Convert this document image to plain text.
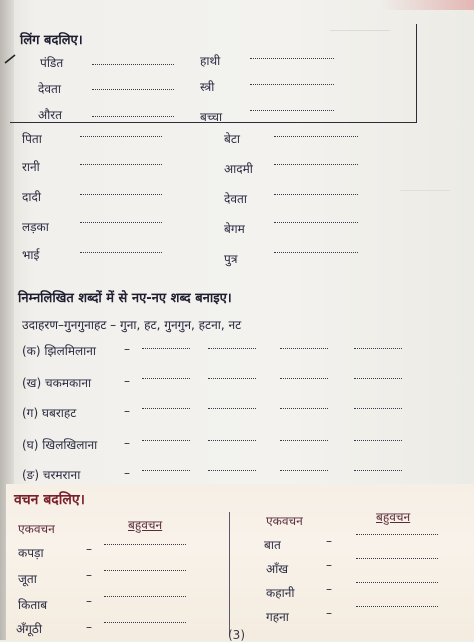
लिंग बदलिए।
पंडित	हाथी
देवता	स्त्री
औरत	बच्चा
पिता	बेटा
रानी	आदमी
दादी	देवता
लड़का	बेगम
भाई	पुत्र
निम्नलिखित शब्दों में से नए-नए शब्द बनाइए।
उदाहरण–गुनगुनाहट – गुना, हट, गुनगुन, हटना, नट
(क) झिलमिलाना –
(ख) चकमकाना	–
(ग) घबराहट	–
(घ) खिलखिलाना –
(ङ) चरमराना	–
वचन बदलिए।
एकवचन	बहुवचन	एकवचन	बहुवचन
कपड़ा	–
जूता	–
किताब	–
अँगूठी	–
बात	–
आँख	–
कहानी	–
गहना	–
(3)
